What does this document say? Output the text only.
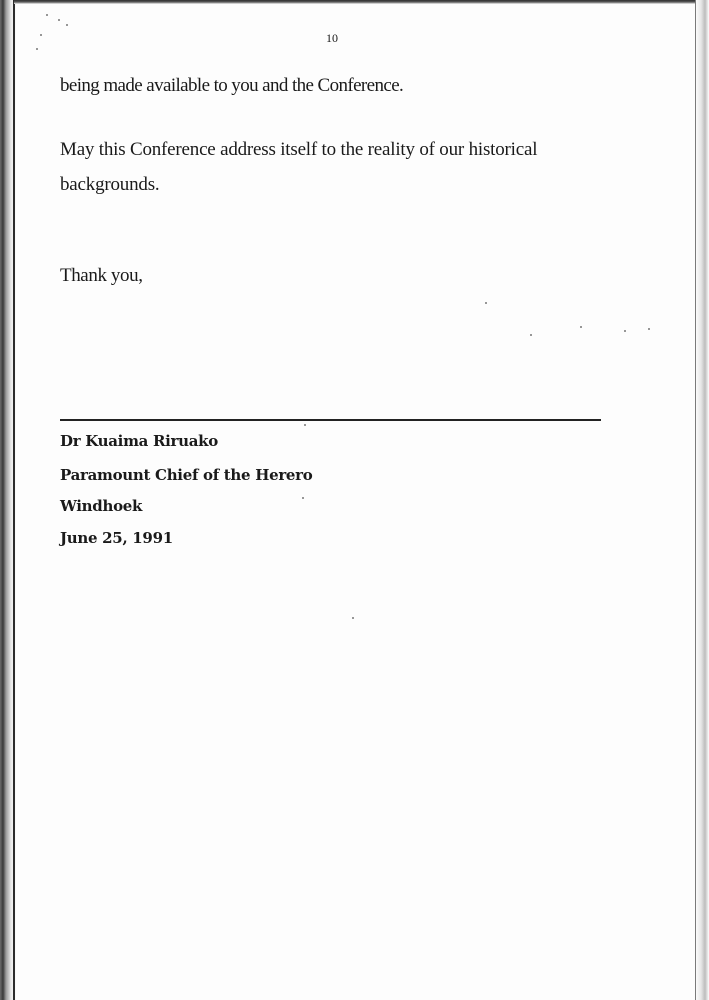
10
being made available to you and the Conference.
May this Conference address itself to the reality of our historical backgrounds.
Thank you,
Dr Kuaima Riruako
Paramount Chief of the Herero
Windhoek
June 25, 1991
